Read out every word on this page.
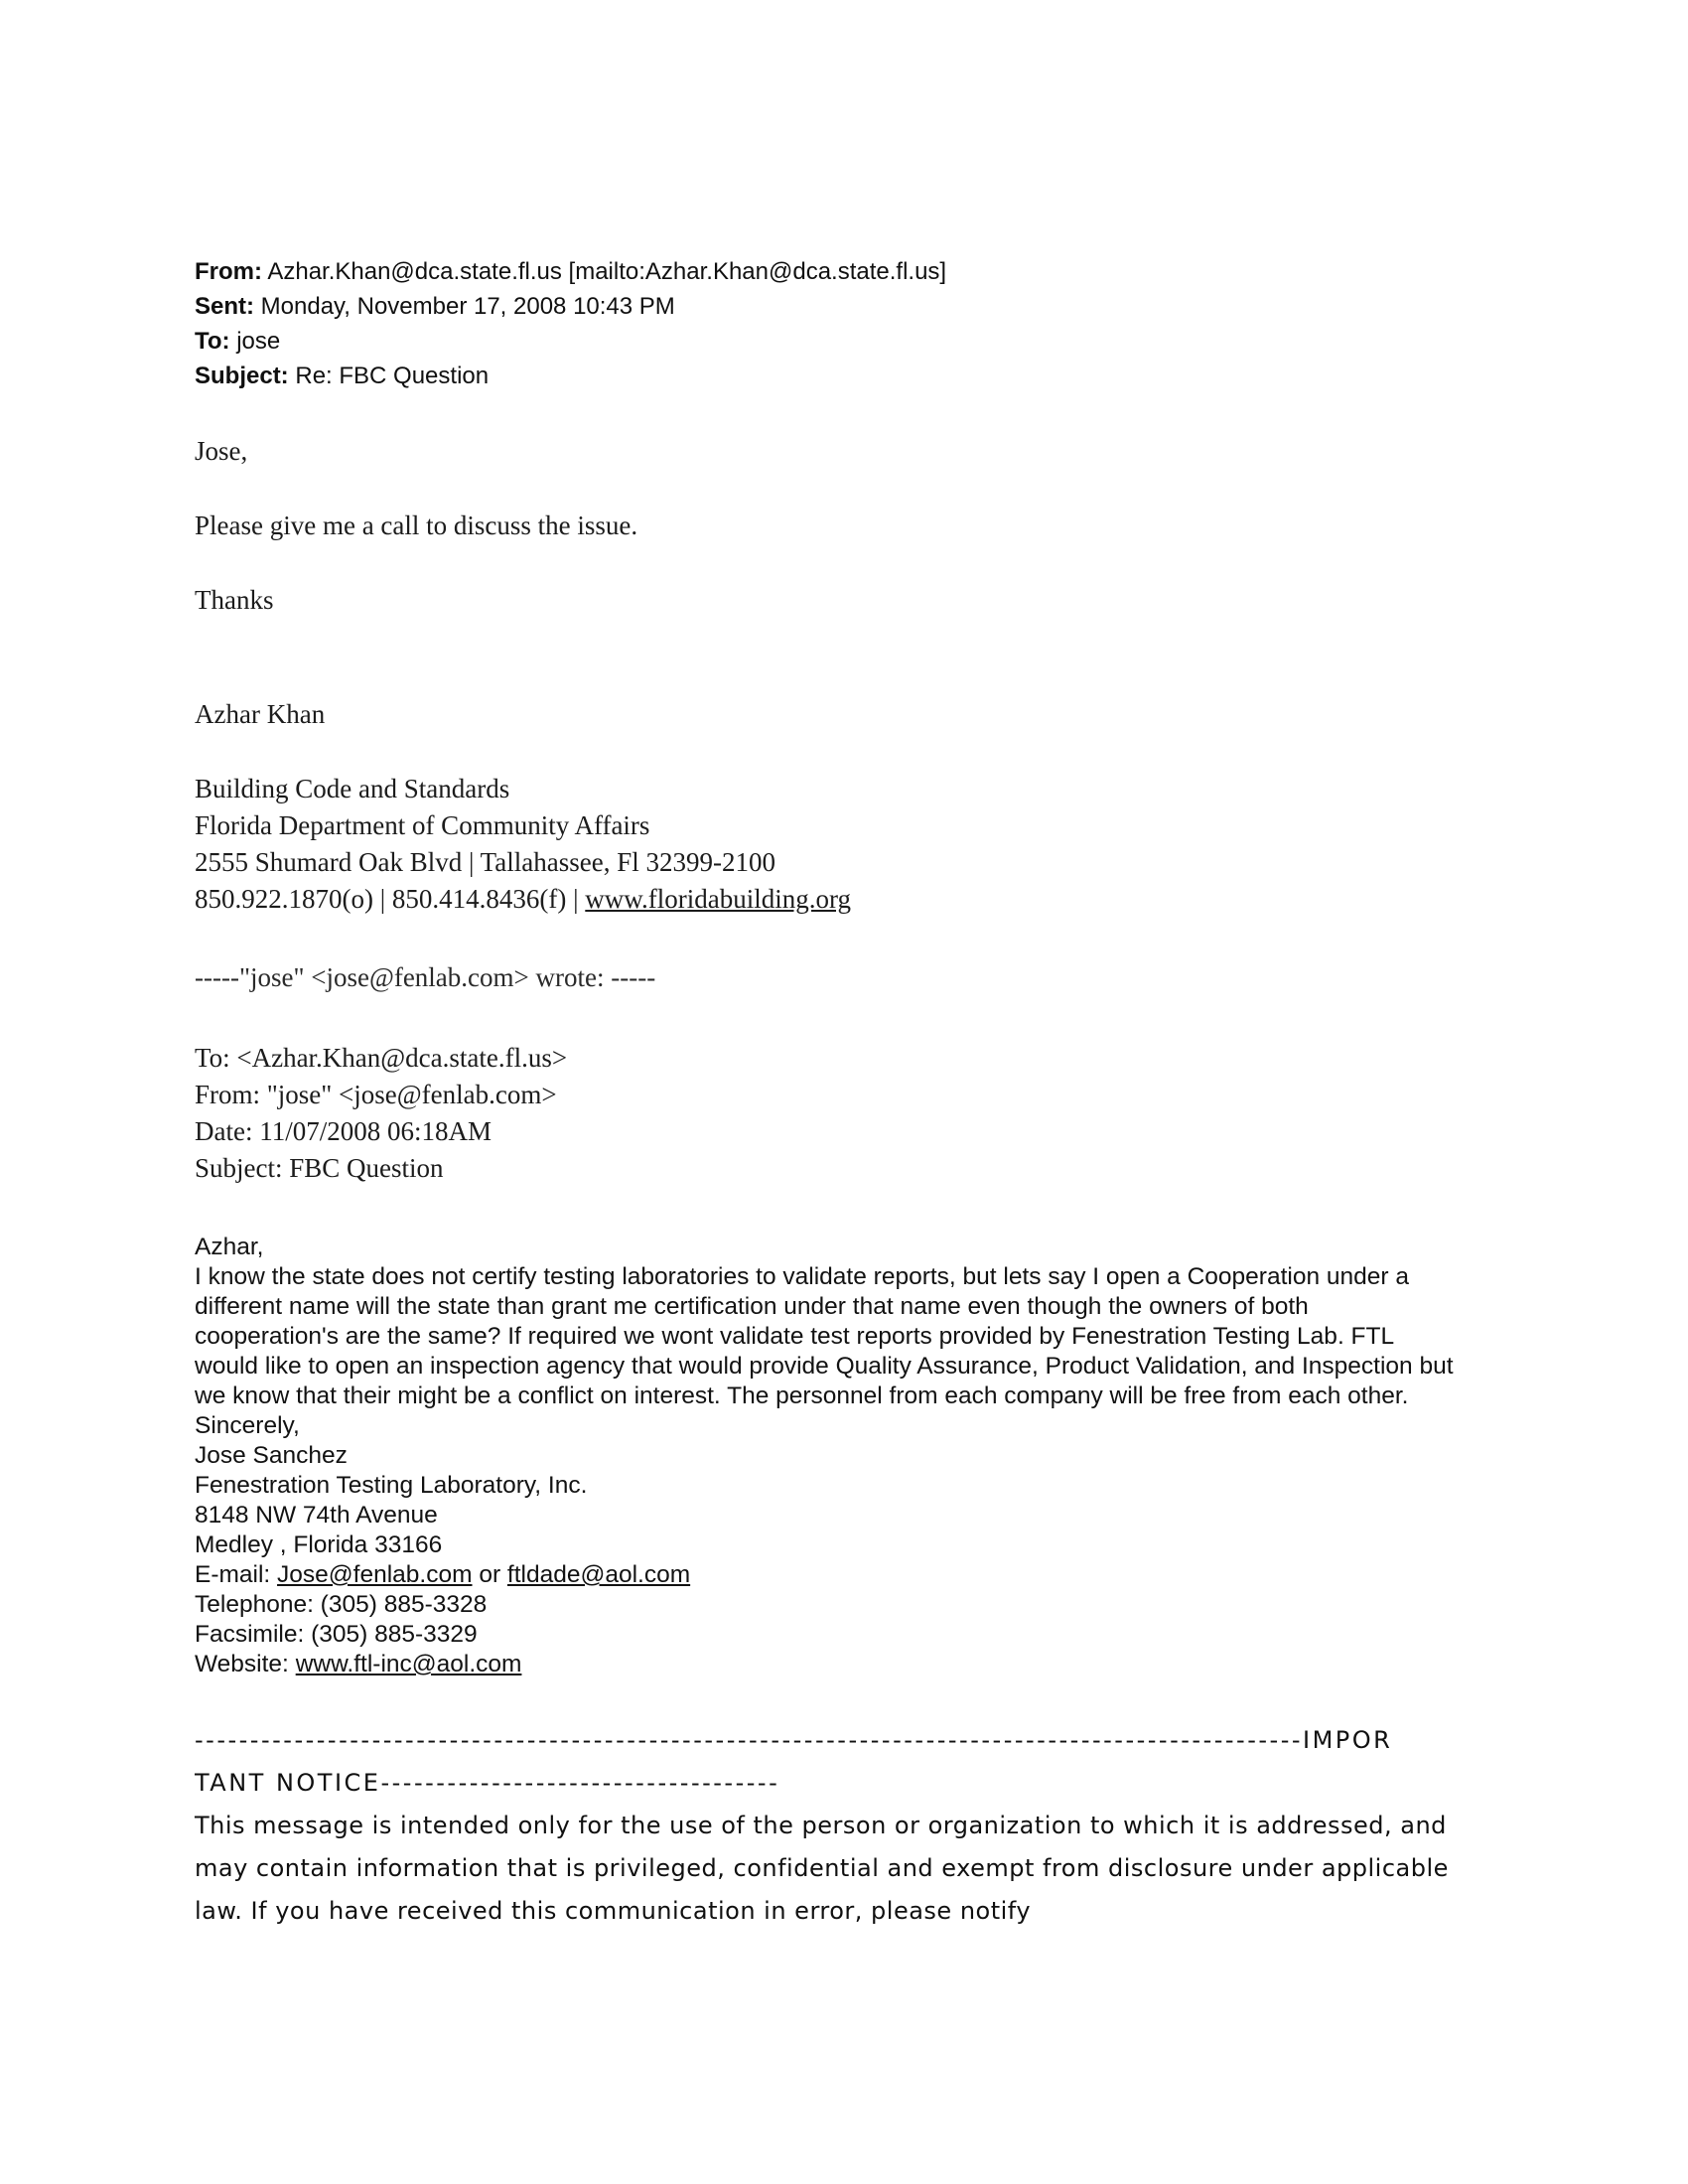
From: Azhar.Khan@dca.state.fl.us [mailto:Azhar.Khan@dca.state.fl.us]
Sent: Monday, November 17, 2008 10:43 PM
To: jose
Subject: Re: FBC Question
Jose,
Please give me a call to discuss the issue.
Thanks
Azhar Khan
Building Code and Standards
Florida Department of Community Affairs
2555 Shumard Oak Blvd | Tallahassee, Fl 32399-2100
850.922.1870(o) | 850.414.8436(f) | www.floridabuilding.org
-----"jose" <jose@fenlab.com> wrote: -----
To: <Azhar.Khan@dca.state.fl.us>
From: "jose" <jose@fenlab.com>
Date: 11/07/2008 06:18AM
Subject: FBC Question
Azhar,
I know the state does not certify testing laboratories to validate reports, but lets say I open a Cooperation under a different name will the state than grant me certification under that name even though the owners of both cooperation's are the same? If required we wont validate test reports provided by Fenestration Testing Lab. FTL would like to open an inspection agency that would provide Quality Assurance, Product Validation, and Inspection but we know that their might be a conflict on interest. The personnel from each company will be free from each other.
Sincerely,
Jose Sanchez
Fenestration Testing Laboratory, Inc.
8148 NW 74th Avenue
Medley , Florida 33166
E-mail: Jose@fenlab.com or ftldade@aol.com
Telephone: (305) 885-3328
Facsimile: (305) 885-3329
Website: www.ftl-inc@aol.com
----------------------------------------------------------------------------------------------------IMPOR
TANT NOTICE------------------------------------
This message is intended only for the use of the person or organization to which it is addressed, and may contain information that is privileged, confidential and exempt from disclosure under applicable law. If you have received this communication in error, please notify
